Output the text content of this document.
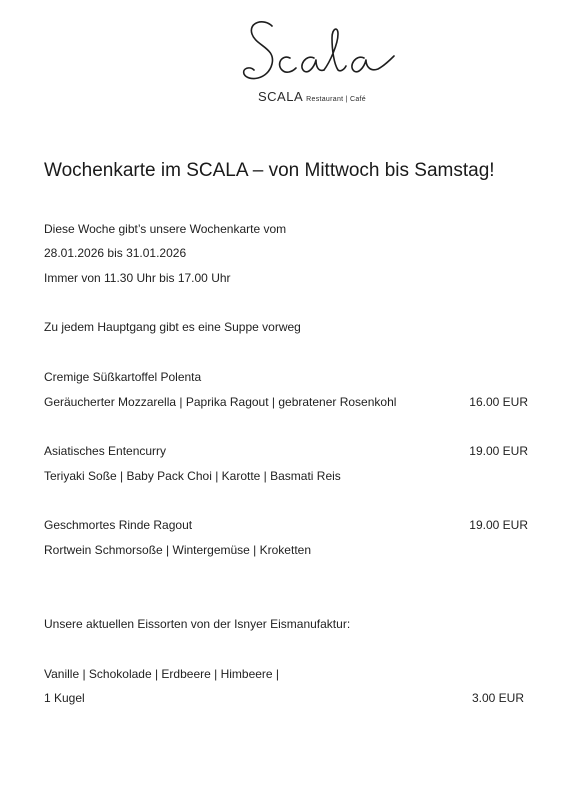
SCALA Restaurant | Café
Wochenkarte im SCALA – von Mittwoch bis Samstag!
Diese Woche gibt’s unsere Wochenkarte vom
28.01.2026 bis 31.01.2026
Immer von 11.30 Uhr bis 17.00 Uhr
Zu jedem Hauptgang gibt es eine Suppe vorweg
Cremige Süßkartoffel Polenta
Geräucherter Mozzarella | Paprika Ragout | gebratener Rosenkohl	16.00 EUR
Asiatisches Entencurry	19.00 EUR
Teriyaki Soße | Baby Pack Choi | Karotte | Basmati Reis
Geschmortes Rinde Ragout	19.00 EUR
Rortwein Schmorsoße | Wintergemüse | Kroketten
Unsere aktuellen Eissorten von der Isnyer Eismanufaktur:
Vanille | Schokolade | Erdbeere | Himbeere |
1 Kugel	3.00 EUR
